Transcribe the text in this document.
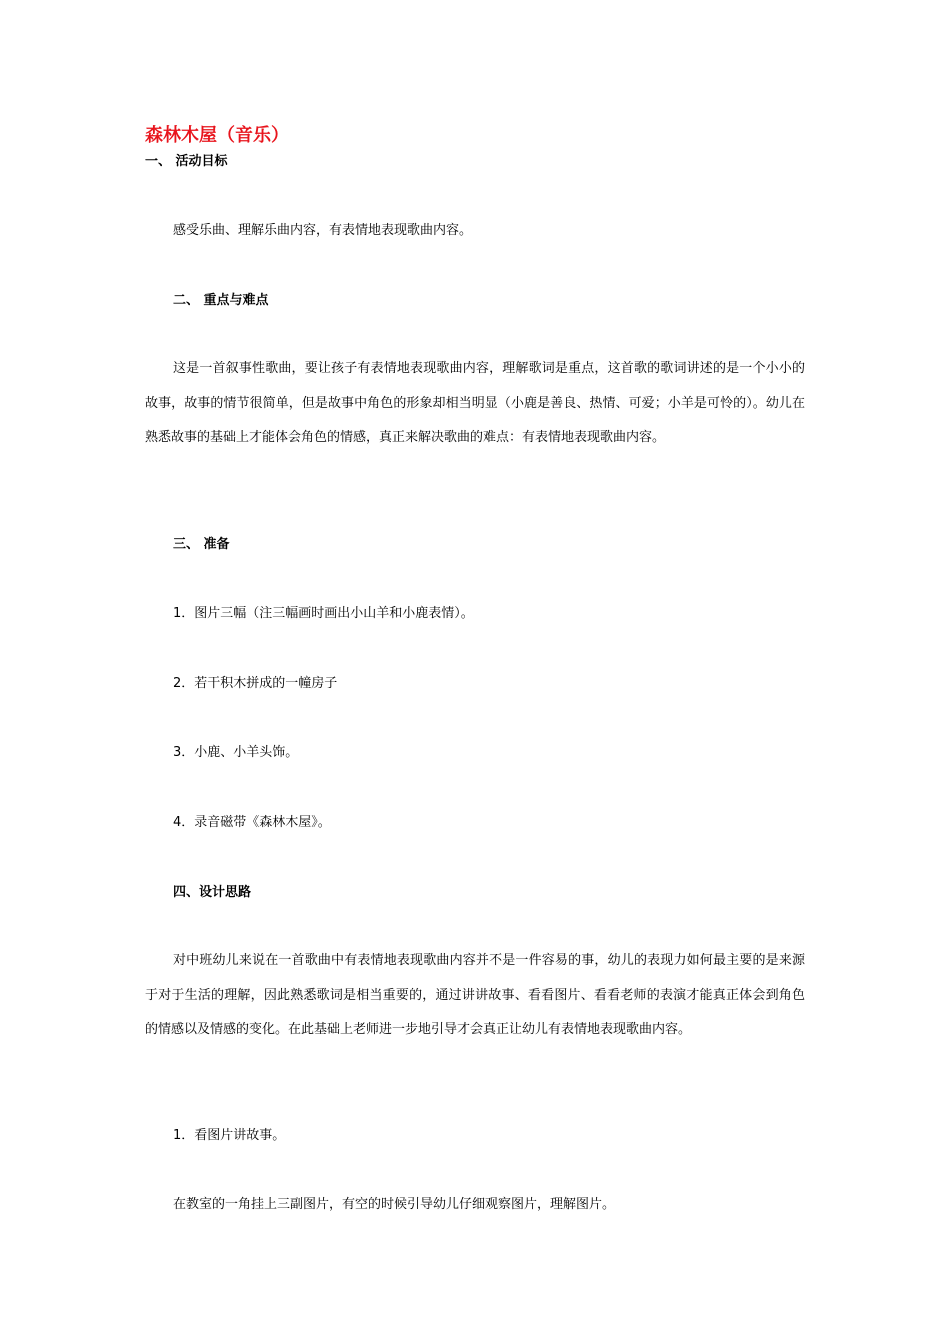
森林木屋（音乐）
一、 活动目标
感受乐曲、理解乐曲内容，有表情地表现歌曲内容。
二、 重点与难点
这是一首叙事性歌曲，要让孩子有表情地表现歌曲内容，理解歌词是重点，这首歌的歌词讲述的是一个小小的故事，故事的情节很简单，但是故事中角色的形象却相当明显（小鹿是善良、热情、可爱；小羊是可怜的）。幼儿在熟悉故事的基础上才能体会角色的情感，真正来解决歌曲的难点：有表情地表现歌曲内容。
三、 准备
1．图片三幅（注三幅画时画出小山羊和小鹿表情）。
2．若干积木拼成的一幢房子
3．小鹿、小羊头饰。
4．录音磁带《森林木屋》。
四、设计思路
对中班幼儿来说在一首歌曲中有表情地表现歌曲内容并不是一件容易的事，幼儿的表现力如何最主要的是来源于对于生活的理解，因此熟悉歌词是相当重要的，通过讲讲故事、看看图片、看看老师的表演才能真正体会到角色的情感以及情感的变化。在此基础上老师进一步地引导才会真正让幼儿有表情地表现歌曲内容。
1．看图片讲故事。
在教室的一角挂上三副图片，有空的时候引导幼儿仔细观察图片，理解图片。
